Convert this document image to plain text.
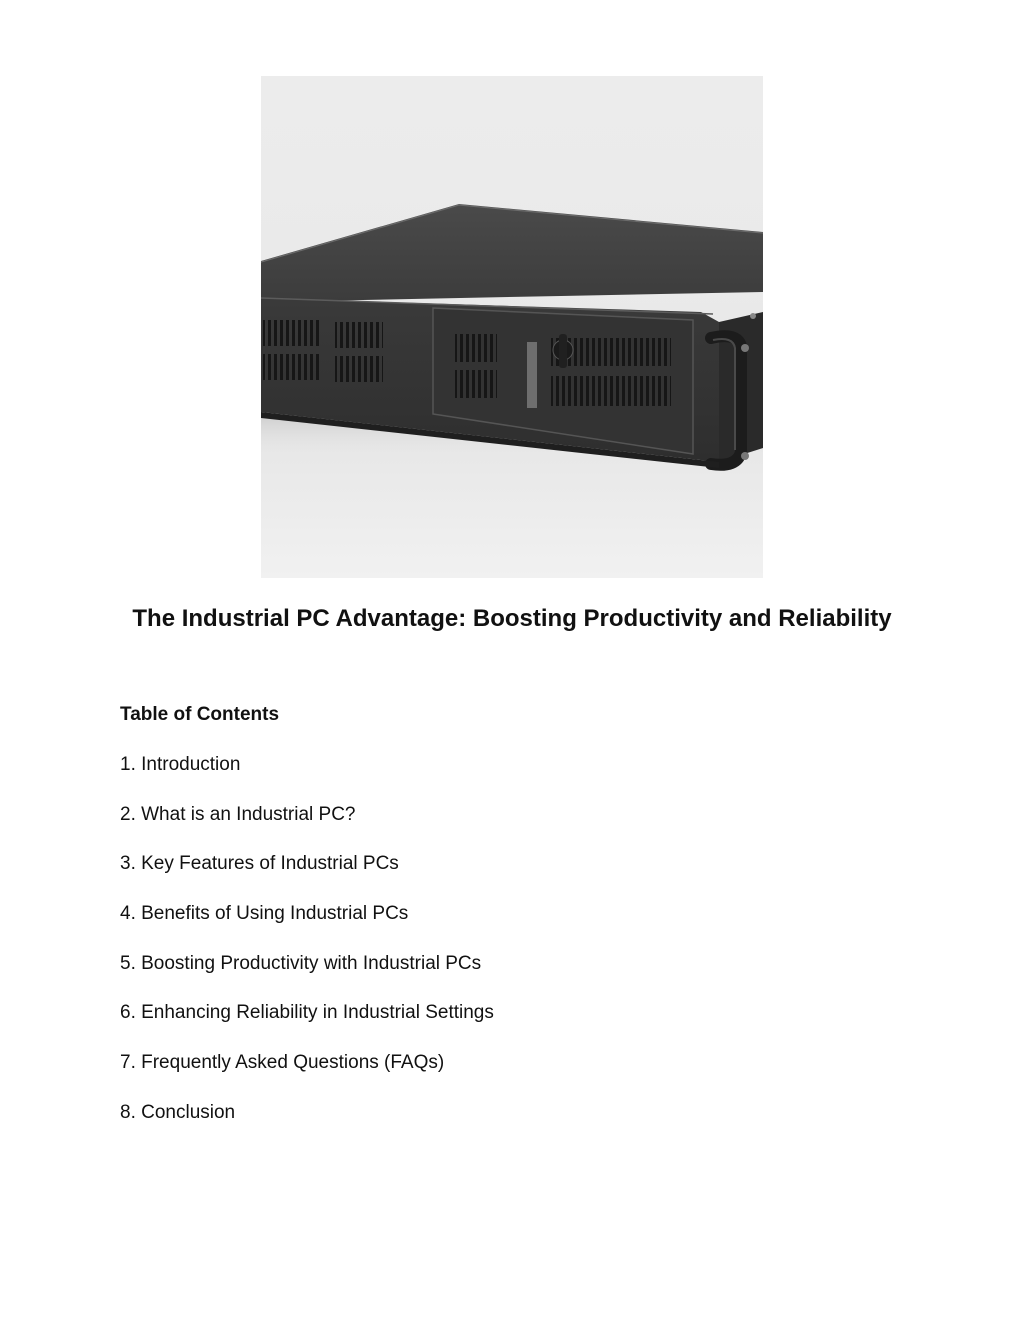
The Industrial PC Advantage: Boosting Productivity and Reliability
Table of Contents
1. Introduction
2. What is an Industrial PC?
3. Key Features of Industrial PCs
4. Benefits of Using Industrial PCs
5. Boosting Productivity with Industrial PCs
6. Enhancing Reliability in Industrial Settings
7. Frequently Asked Questions (FAQs)
8. Conclusion
